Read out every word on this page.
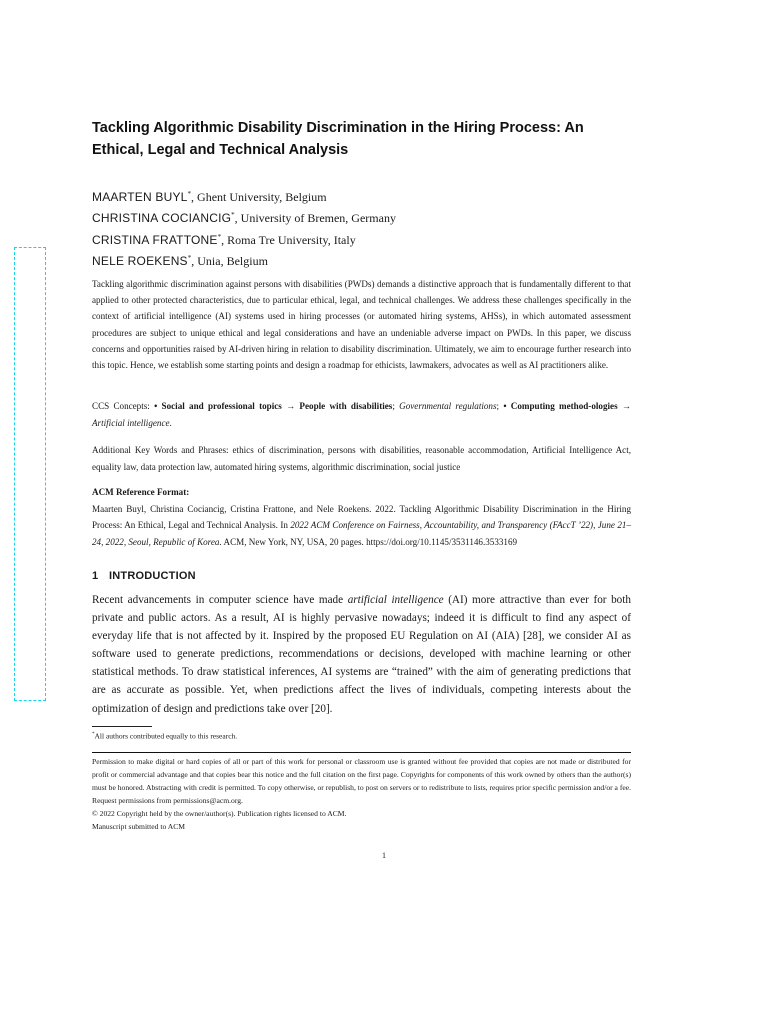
Tackling Algorithmic Disability Discrimination in the Hiring Process: An Ethical, Legal and Technical Analysis
MAARTEN BUYL*, Ghent University, Belgium
CHRISTINA COCIANCIG*, University of Bremen, Germany
CRISTINA FRATTONE*, Roma Tre University, Italy
NELE ROEKENS*, Unia, Belgium
Tackling algorithmic discrimination against persons with disabilities (PWDs) demands a distinctive approach that is fundamentally different to that applied to other protected characteristics, due to particular ethical, legal, and technical challenges. We address these challenges specifically in the context of artificial intelligence (AI) systems used in hiring processes (or automated hiring systems, AHSs), in which automated assessment procedures are subject to unique ethical and legal considerations and have an undeniable adverse impact on PWDs. In this paper, we discuss concerns and opportunities raised by AI-driven hiring in relation to disability discrimination. Ultimately, we aim to encourage further research into this topic. Hence, we establish some starting points and design a roadmap for ethicists, lawmakers, advocates as well as AI practitioners alike.
CCS Concepts: • Social and professional topics → People with disabilities; Governmental regulations; • Computing method-ologies → Artificial intelligence.
Additional Key Words and Phrases: ethics of discrimination, persons with disabilities, reasonable accommodation, Artificial Intelligence Act, equality law, data protection law, automated hiring systems, algorithmic discrimination, social justice
ACM Reference Format:
Maarten Buyl, Christina Cociancig, Cristina Frattone, and Nele Roekens. 2022. Tackling Algorithmic Disability Discrimination in the Hiring Process: An Ethical, Legal and Technical Analysis. In 2022 ACM Conference on Fairness, Accountability, and Transparency (FAccT ’22), June 21–24, 2022, Seoul, Republic of Korea. ACM, New York, NY, USA, 20 pages. https://doi.org/10.1145/3531146.3533169
1 INTRODUCTION
Recent advancements in computer science have made artificial intelligence (AI) more attractive than ever for both private and public actors. As a result, AI is highly pervasive nowadays; indeed it is difficult to find any aspect of everyday life that is not affected by it. Inspired by the proposed EU Regulation on AI (AIA) [28], we consider AI as software used to generate predictions, recommendations or decisions, developed with machine learning or other statistical methods. To draw statistical inferences, AI systems are “trained” with the aim of generating predictions that are as accurate as possible. Yet, when predictions affect the lives of individuals, competing interests about the optimization of design and predictions take over [20].
*All authors contributed equally to this research.

Permission to make digital or hard copies of all or part of this work for personal or classroom use is granted without fee provided that copies are not made or distributed for profit or commercial advantage and that copies bear this notice and the full citation on the first page. Copyrights for components of this work owned by others than the author(s) must be honored. Abstracting with credit is permitted. To copy otherwise, or republish, to post on servers or to redistribute to lists, requires prior specific permission and/or a fee. Request permissions from permissions@acm.org.

© 2022 Copyright held by the owner/author(s). Publication rights licensed to ACM.

Manuscript submitted to ACM

1
